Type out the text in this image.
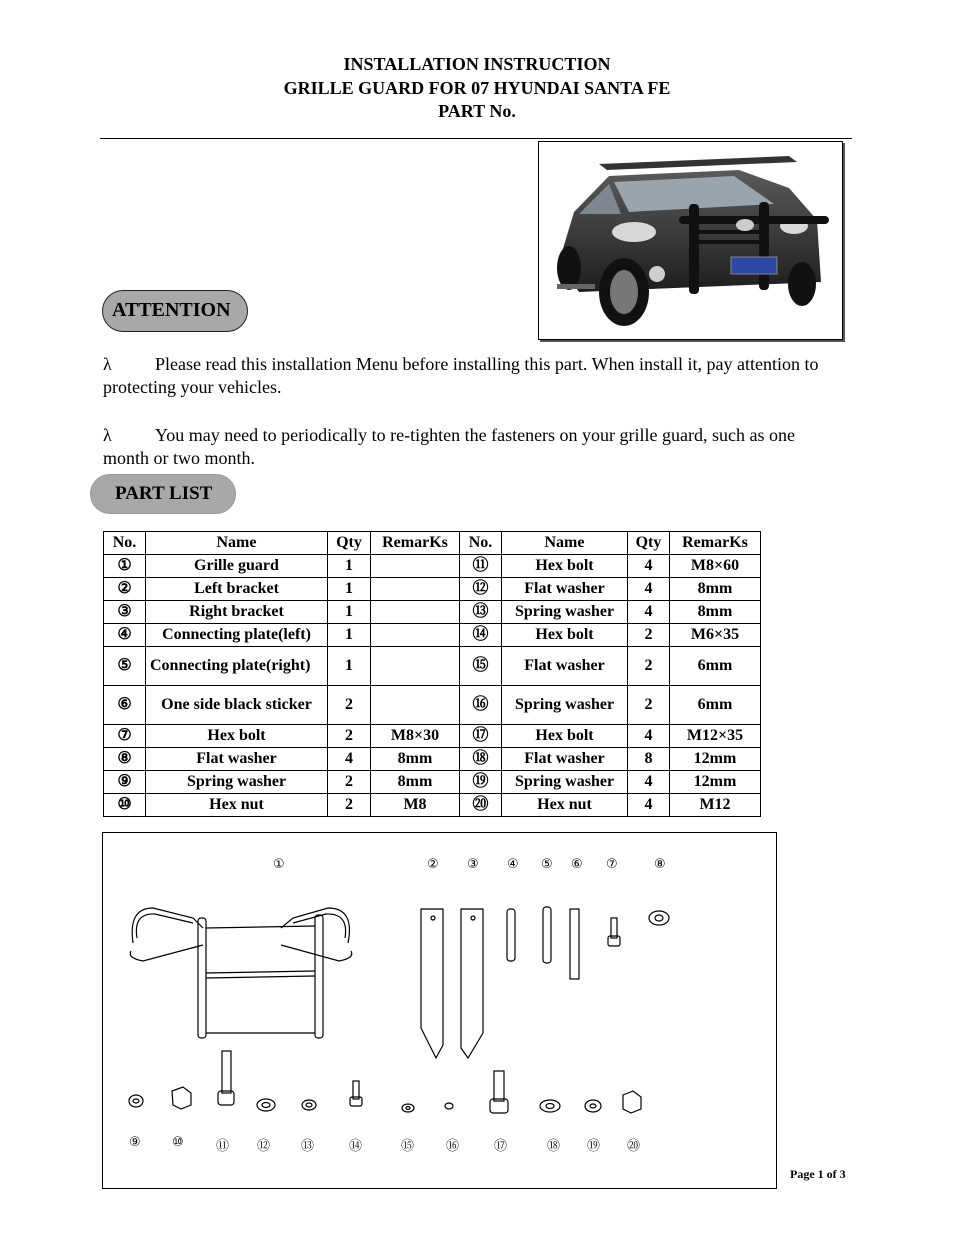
INSTALLATION INSTRUCTION
GRILLE GUARD FOR 07 HYUNDAI SANTA FE
PART No.
ATTENTION
λ Please read this installation Menu before installing this part. When install it, pay attention to protecting your vehicles.
λ You may need to periodically to re-tighten the fasteners on your grille guard, such as one month or two month.
PART LIST
No.	Name	Qty	RemarKs	No.	Name	Qty	RemarKs
①	Grille guard	1		⑪	Hex bolt	4	M8×60
②	Left bracket	1		⑫	Flat washer	4	8mm
③	Right bracket	1		⑬	Spring washer	4	8mm
④	Connecting plate(left)	1		⑭	Hex bolt	2	M6×35
⑤	Connecting plate(right)	1		⑮	Flat washer	2	6mm
⑥	One side black sticker	2		⑯	Spring washer	2	6mm
⑦	Hex bolt	2	M8×30	⑰	Hex bolt	4	M12×35
⑧	Flat washer	4	8mm	⑱	Flat washer	8	12mm
⑨	Spring washer	2	8mm	⑲	Spring washer	4	12mm
⑩	Hex nut	2	M8	⑳	Hex nut	4	M12
①	② ③ ④ ⑤ ⑥ ⑦	⑧
⑨ ⑩ ⑪ ⑫ ⑬	⑭	⑮ ⑯	⑰	⑱ ⑲ ⑳
Page 1 of 3
